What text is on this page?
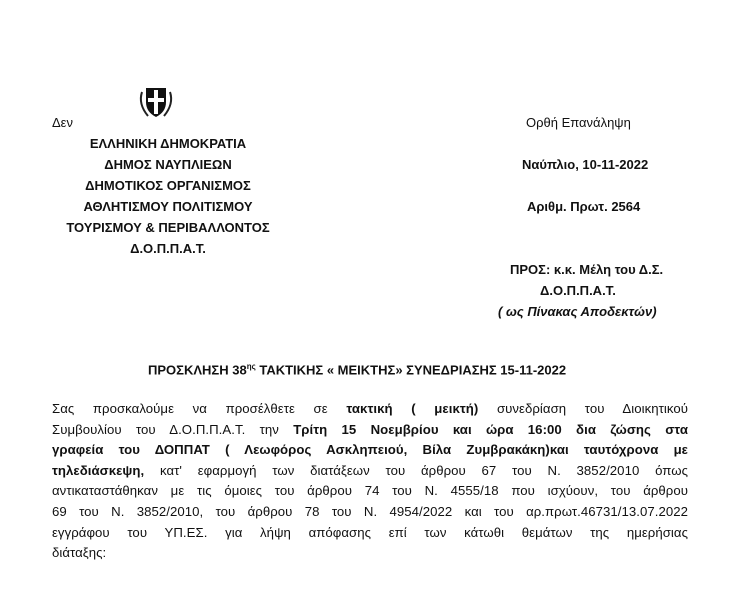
Δεν
ΕΛΛΗΝΙΚΗ ΔΗΜΟΚΡΑΤΙΑ
ΔΗΜΟΣ ΝΑΥΠΛΙΕΩΝ
ΔΗΜΟΤΙΚΟΣ ΟΡΓΑΝΙΣΜΟΣ
ΑΘΛΗΤΙΣΜΟΥ ΠΟΛΙΤΙΣΜΟΥ
ΤΟΥΡΙΣΜΟΥ & ΠΕΡΙΒΑΛΛΟΝΤΟΣ
Δ.Ο.Π.Π.Α.Τ.
Ορθή Επανάληψη
Ναύπλιο, 10-11-2022
Αριθμ. Πρωτ. 2564
ΠΡΟΣ: κ.κ. Μέλη του Δ.Σ.
Δ.Ο.Π.Π.Α.Τ.
( ως Πίνακας Αποδεκτών)
ΠΡΟΣΚΛΗΣΗ $38^{\eta\varsigma}$ ΤΑΚΤΙΚΗΣ « ΜΕΙΚΤΗΣ» ΣΥΝΕΔΡΙΑΣΗΣ 15-11-2022
Σας προσκαλούμε να προσέλθετε σε τακτική ( μεικτή) συνεδρίαση του Διοικητικού
Συμβουλίου του Δ.Ο.Π.Π.Α.Τ. την Τρίτη 15 Νοεμβρίου και ώρα 16:00 δια ζώσης στα
γραφεία του ΔΟΠΠΑΤ ( Λεωφόρος Ασκληπειού, Βίλα Ζυμβρακάκη)και ταυτόχρονα με
τηλεδιάσκεψη, κατ' εφαρμογή των διατάξεων του άρθρου 67 του Ν. 3852/2010 όπως
αντικαταστάθηκαν με τις όμοιες του άρθρου 74 του Ν. 4555/18 που ισχύουν, του άρθρου
69 του Ν. 3852/2010, του άρθρου 78 του Ν. 4954/2022 και του αρ.πρωτ.46731/13.07.2022
εγγράφου του ΥΠ.ΕΣ. για λήψη απόφασης επί των κάτωθι θεμάτων της ημερήσιας
διάταξης:
